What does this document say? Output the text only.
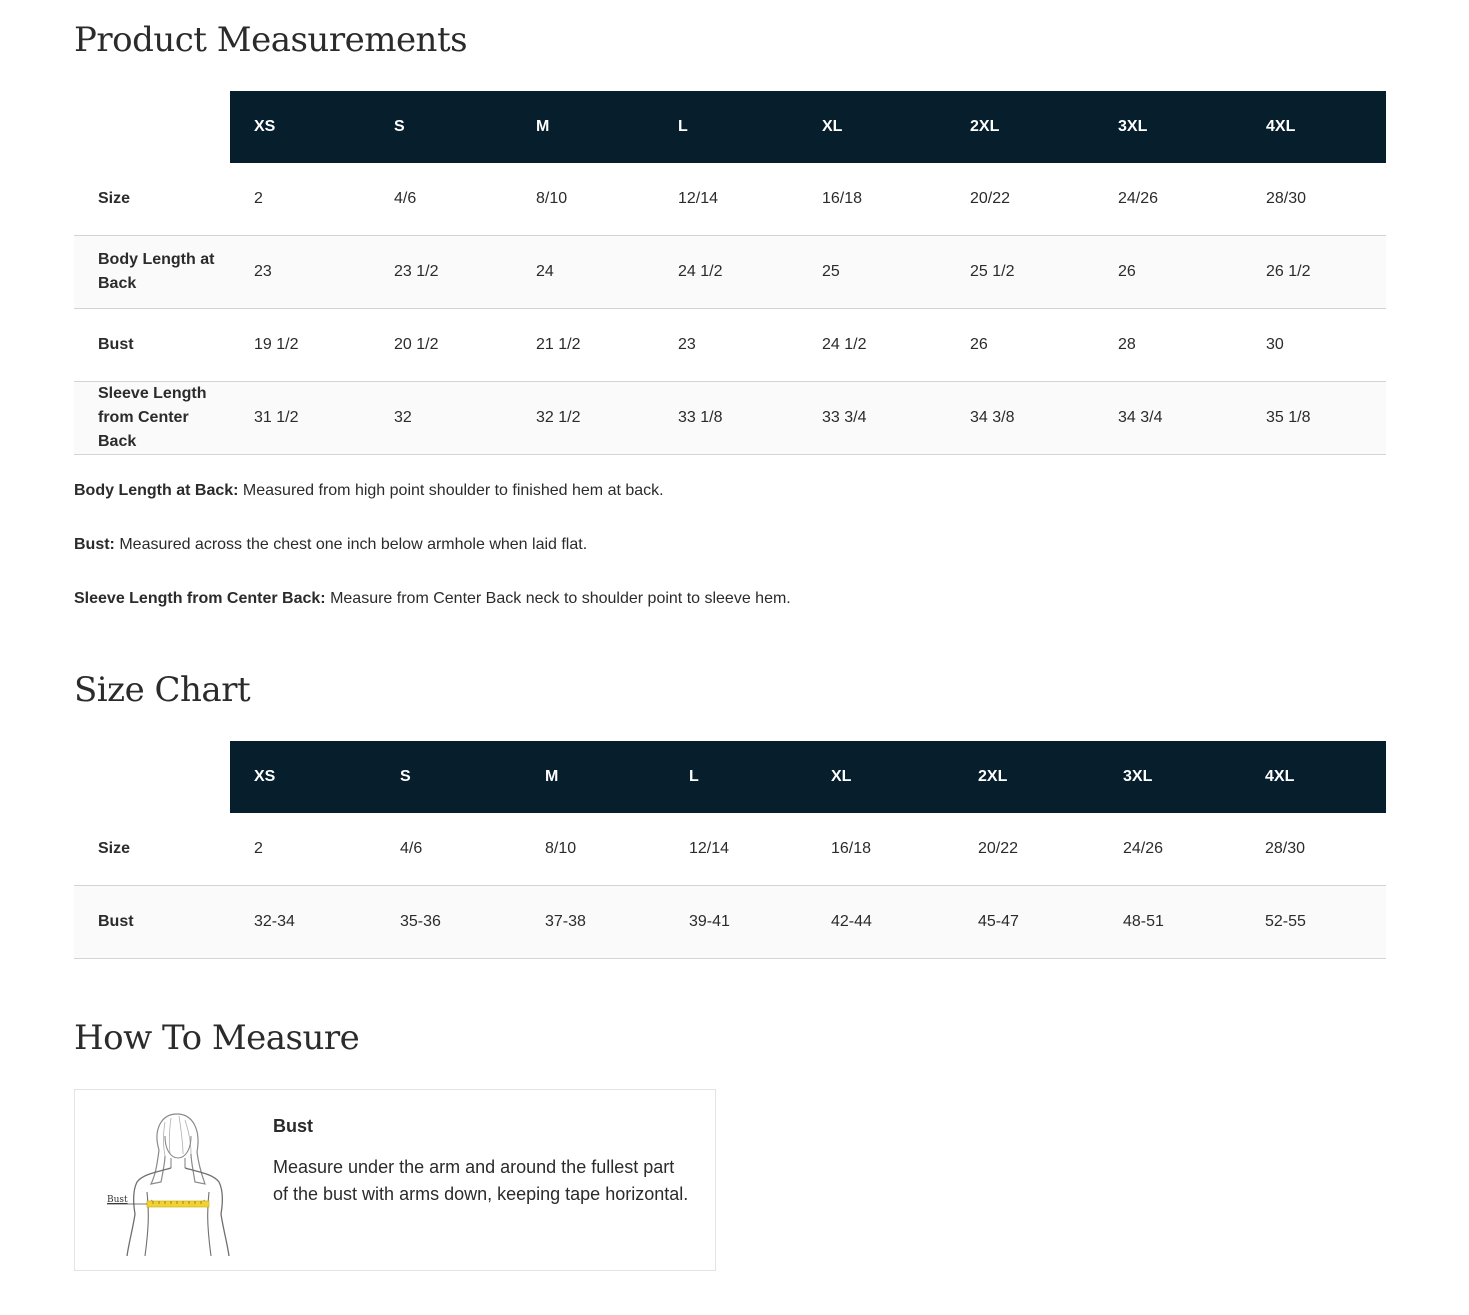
Product Measurements
	XS	S	M	L	XL	2XL	3XL	4XL
Size	2	4/6	8/10	12/14	16/18	20/22	24/26	28/30
Body Length at Back	23	23 1/2	24	24 1/2	25	25 1/2	26	26 1/2
Bust	19 1/2	20 1/2	21 1/2	23	24 1/2	26	28	30
Sleeve Length from Center Back	31 1/2	32	32 1/2	33 1/8	33 3/4	34 3/8	34 3/4	35 1/8

Body Length at Back: Measured from high point shoulder to finished hem at back.

Bust: Measured across the chest one inch below armhole when laid flat.

Sleeve Length from Center Back: Measure from Center Back neck to shoulder point to sleeve hem.

Size Chart
	XS	S	M	L	XL	2XL	3XL	4XL
Size	2	4/6	8/10	12/14	16/18	20/22	24/26	28/30
Bust	32-34	35-36	37-38	39-41	42-44	45-47	48-51	52-55
How To Measure
Bust
Bust
Measure under the arm and around the fullest part of the bust with arms down, keeping tape horizontal.
